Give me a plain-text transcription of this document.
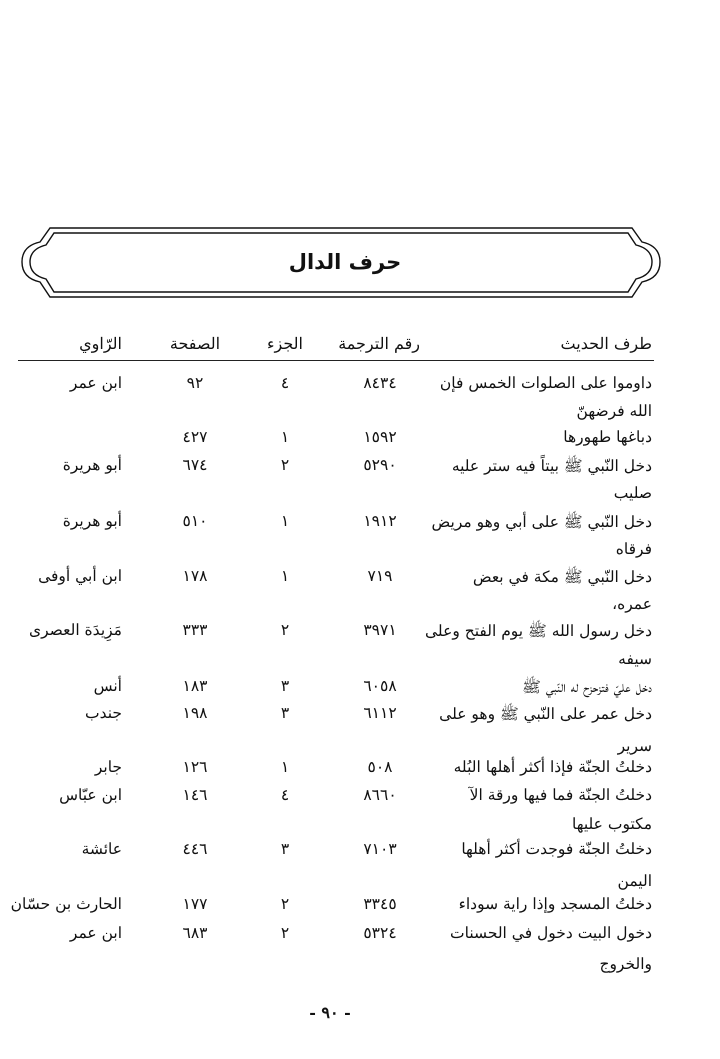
حرف الدال
طرف الحديث
رقم الترجمة
الجزء
الصفحة
الرّاوي
داوموا على الصلوات الخمس فإن
٨٤٣٤
٤
٩٢
ابن عمر
الله فرضهنّ
دباغها طهورها
١٥٩٢
١
٤٢٧
دخل النّبي ﷺ بيتاً فيه ستر عليه
٥٢٩٠
٢
٦٧٤
أبو هريرة
صليب
دخل النّبي ﷺ على أبي وهو مريض
١٩١٢
١
٥١٠
أبو هريرة
فرقاه
دخل النّبي ﷺ مكة في بعض
٧١٩
١
١٧٨
ابن أبي أوفى
عمره،
دخل رسول الله ﷺ يوم الفتح وعلى
٣٩٧١
٢
٣٣٣
مَزِيدَة العصرى
سيفه
دخل عليّ فتزحزح له النّبي ﷺ
٦٠٥٨
٣
١٨٣
أنس
دخل عمر على النّبي ﷺ وهو على
٦١١٢
٣
١٩٨
جندب
سرير
دخلتُ الجنّة فإذا أكثر أهلها البُله
٥٠٨
١
١٢٦
جابر
دخلتُ الجنّة فما فيها ورقة الآ
٨٦٦٠
٤
١٤٦
ابن عبّاس
مكتوب عليها
دخلتُ الجنّة فوجدت أكثر أهلها
٧١٠٣
٣
٤٤٦
عائشة
اليمن
دخلتُ المسجد وإذا راية سوداء
٣٣٤٥
٢
١٧٧
الحارث بن حسّان
دخول البيت دخول في الحسنات
٥٣٢٤
٢
٦٨٣
ابن عمر
والخروج
- ٩٠ -
